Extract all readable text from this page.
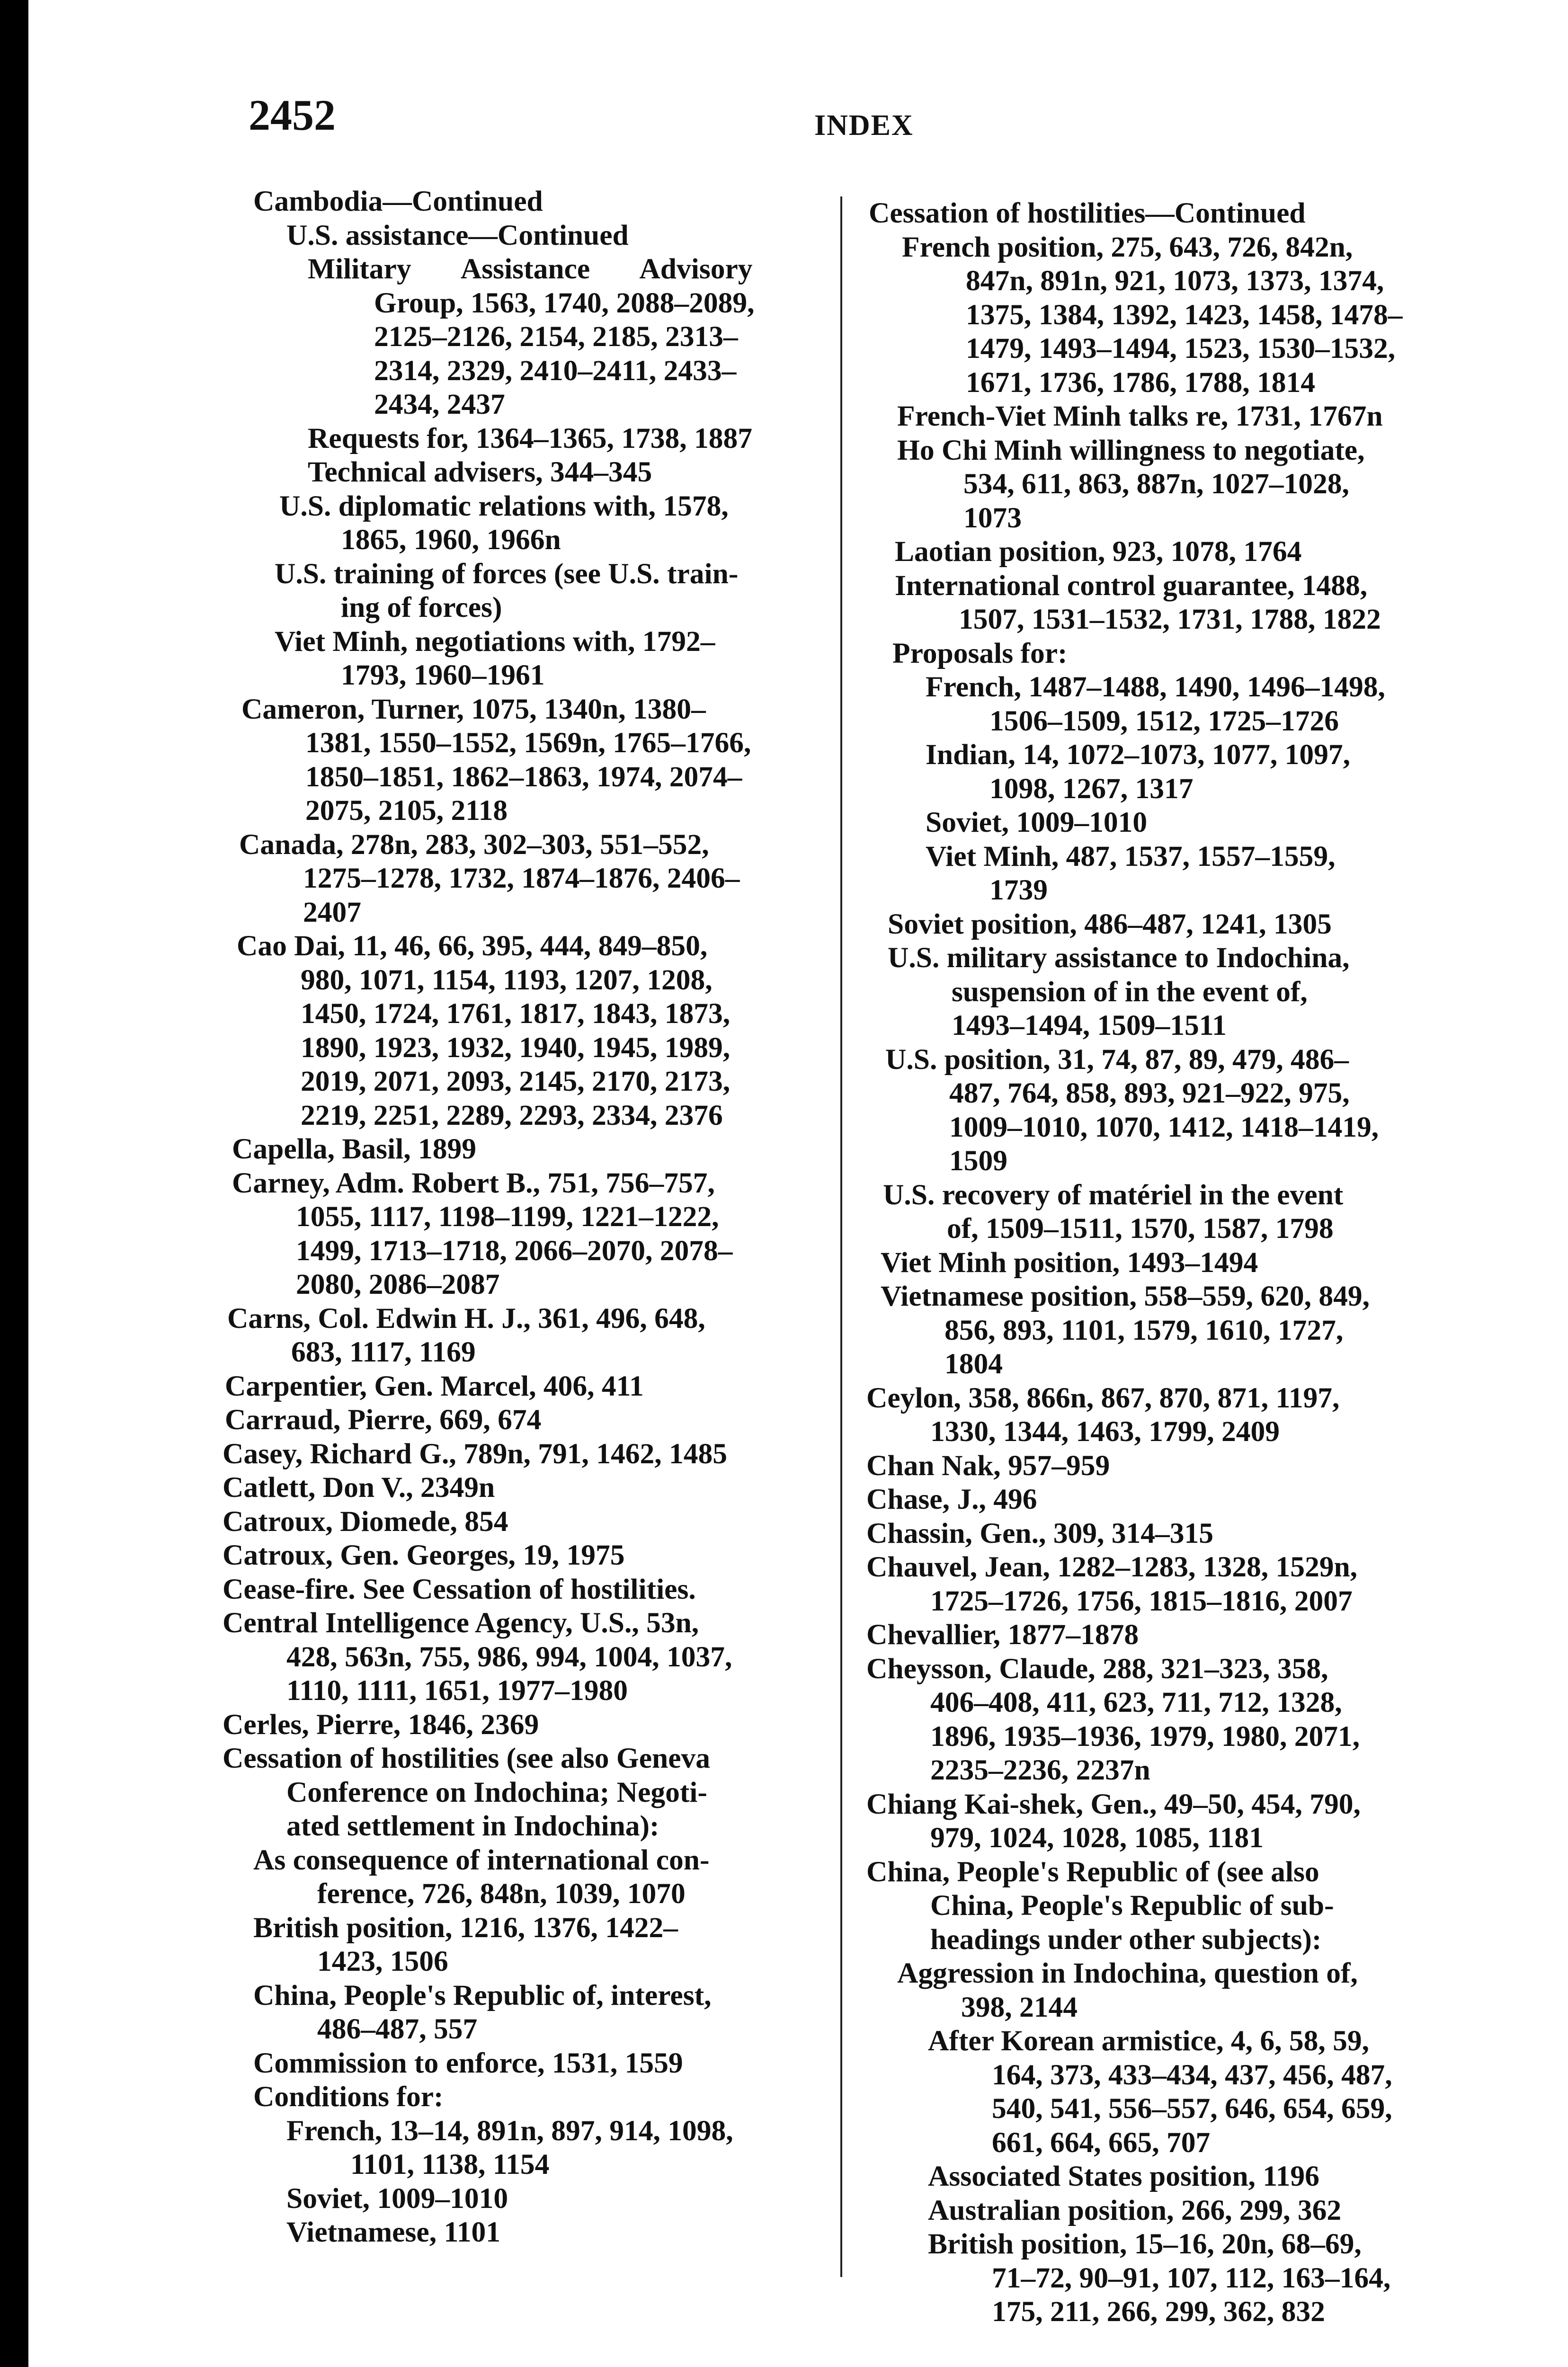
2452	INDEX
Cambodia—Continued
U.S. assistance—Continued
Military       Assistance       Advisory
Group, 1563, 1740, 2088–2089,
2125–2126, 2154, 2185, 2313–
2314, 2329, 2410–2411, 2433–
2434, 2437
Requests for, 1364–1365, 1738, 1887
Technical advisers, 344–345
U.S. diplomatic relations with, 1578,
1865, 1960, 1966n
U.S. training of forces (see U.S. train-
ing of forces)
Viet Minh, negotiations with, 1792–
1793, 1960–1961
Cameron, Turner, 1075, 1340n, 1380–
1381, 1550–1552, 1569n, 1765–1766,
1850–1851, 1862–1863, 1974, 2074–
2075, 2105, 2118
Canada, 278n, 283, 302–303, 551–552,
1275–1278, 1732, 1874–1876, 2406–
2407
Cao Dai, 11, 46, 66, 395, 444, 849–850,
980, 1071, 1154, 1193, 1207, 1208,
1450, 1724, 1761, 1817, 1843, 1873,
1890, 1923, 1932, 1940, 1945, 1989,
2019, 2071, 2093, 2145, 2170, 2173,
2219, 2251, 2289, 2293, 2334, 2376
Capella, Basil, 1899
Carney, Adm. Robert B., 751, 756–757,
1055, 1117, 1198–1199, 1221–1222,
1499, 1713–1718, 2066–2070, 2078–
2080, 2086–2087
Carns, Col. Edwin H. J., 361, 496, 648,
683, 1117, 1169
Carpentier, Gen. Marcel, 406, 411
Carraud, Pierre, 669, 674
Casey, Richard G., 789n, 791, 1462, 1485
Catlett, Don V., 2349n
Catroux, Diomede, 854
Catroux, Gen. Georges, 19, 1975
Cease-fire. See Cessation of hostilities.
Central Intelligence Agency, U.S., 53n,
428, 563n, 755, 986, 994, 1004, 1037,
1110, 1111, 1651, 1977–1980
Cerles, Pierre, 1846, 2369
Cessation of hostilities (see also Geneva
Conference on Indochina; Negoti-
ated settlement in Indochina):
As consequence of international con-
ference, 726, 848n, 1039, 1070
British position, 1216, 1376, 1422–
1423, 1506
China, People's Republic of, interest,
486–487, 557
Commission to enforce, 1531, 1559
Conditions for:
French, 13–14, 891n, 897, 914, 1098,
1101, 1138, 1154
Soviet, 1009–1010
Vietnamese, 1101
Cessation of hostilities—Continued
French position, 275, 643, 726, 842n,
847n, 891n, 921, 1073, 1373, 1374,
1375, 1384, 1392, 1423, 1458, 1478–
1479, 1493–1494, 1523, 1530–1532,
1671, 1736, 1786, 1788, 1814
French-Viet Minh talks re, 1731, 1767n
Ho Chi Minh willingness to negotiate,
534, 611, 863, 887n, 1027–1028,
1073
Laotian position, 923, 1078, 1764
International control guarantee, 1488,
1507, 1531–1532, 1731, 1788, 1822
Proposals for:
French, 1487–1488, 1490, 1496–1498,
1506–1509, 1512, 1725–1726
Indian, 14, 1072–1073, 1077, 1097,
1098, 1267, 1317
Soviet, 1009–1010
Viet Minh, 487, 1537, 1557–1559,
1739
Soviet position, 486–487, 1241, 1305
U.S. military assistance to Indochina,
suspension of in the event of,
1493–1494, 1509–1511
U.S. position, 31, 74, 87, 89, 479, 486–
487, 764, 858, 893, 921–922, 975,
1009–1010, 1070, 1412, 1418–1419,
1509
U.S. recovery of matériel in the event
of, 1509–1511, 1570, 1587, 1798
Viet Minh position, 1493–1494
Vietnamese position, 558–559, 620, 849,
856, 893, 1101, 1579, 1610, 1727,
1804
Ceylon, 358, 866n, 867, 870, 871, 1197,
1330, 1344, 1463, 1799, 2409
Chan Nak, 957–959
Chase, J., 496
Chassin, Gen., 309, 314–315
Chauvel, Jean, 1282–1283, 1328, 1529n,
1725–1726, 1756, 1815–1816, 2007
Chevallier, 1877–1878
Cheysson, Claude, 288, 321–323, 358,
406–408, 411, 623, 711, 712, 1328,
1896, 1935–1936, 1979, 1980, 2071,
2235–2236, 2237n
Chiang Kai-shek, Gen., 49–50, 454, 790,
979, 1024, 1028, 1085, 1181
China, People's Republic of (see also
China, People's Republic of sub-
headings under other subjects):
Aggression in Indochina, question of,
398, 2144
After Korean armistice, 4, 6, 58, 59,
164, 373, 433–434, 437, 456, 487,
540, 541, 556–557, 646, 654, 659,
661, 664, 665, 707
Associated States position, 1196
Australian position, 266, 299, 362
British position, 15–16, 20n, 68–69,
71–72, 90–91, 107, 112, 163–164,
175, 211, 266, 299, 362, 832
